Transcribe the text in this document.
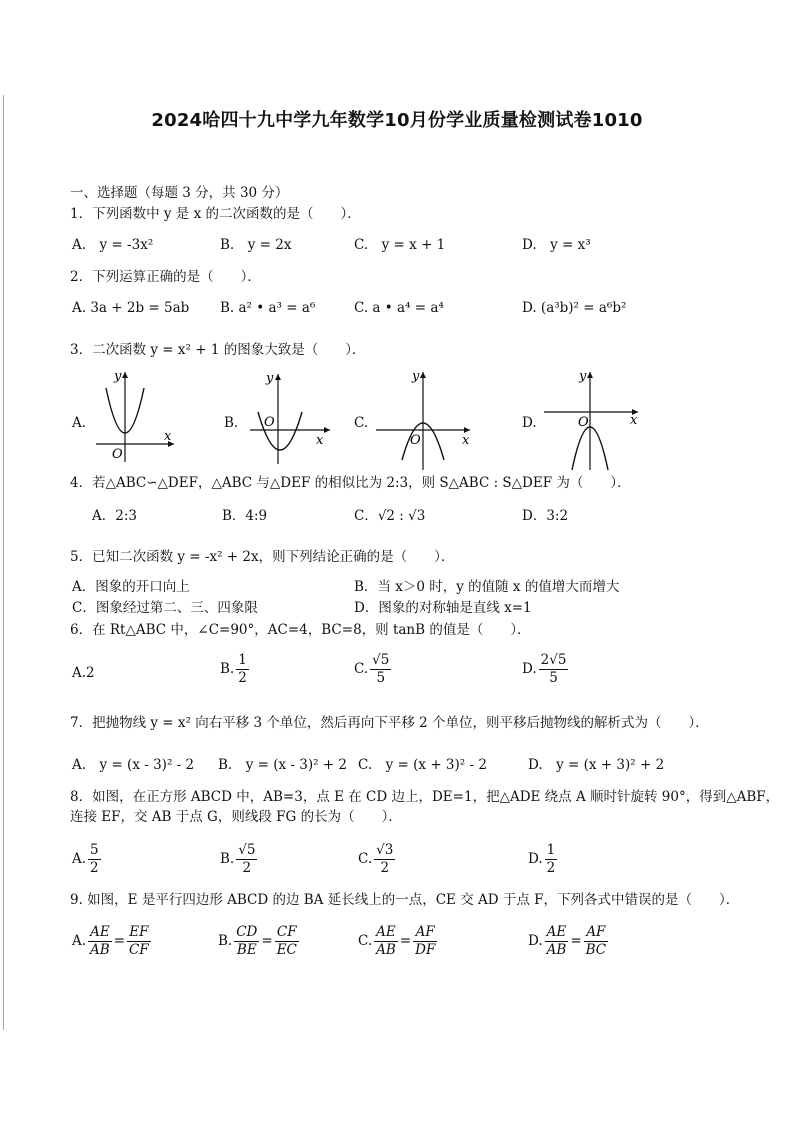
2024哈四十九中学九年数学10月份学业质量检测试卷1010
一、选择题（每题 3 分，共 30 分）
1．下列函数中 y 是 x 的二次函数的是（　　）．
A.　y = -3x²	B.　y = 2x	C.　y = x + 1	D.　y = x³
2．下列运算正确的是（　　）．
A. 3a + 2b = 5ab B. a² • a³ = a⁶	C. a • a⁴ = a⁴	D. (a³b)² = a⁶b²
3．二次函数 y = x² + 1 的图象大致是（　　）．
A.	B.	C.	D.
y
x
O
y
x
O
y
x
O
y
x
O
4．若△ABC∽△DEF，△ABC 与△DEF 的相似比为 2:3，则 S△ABC : S△DEF 为（　　）．
A．2:3	B．4:9	C．√2 : √3	D．3:2
5．已知二次函数 y = -x² + 2x，则下列结论正确的是（　　）．
A．图象的开口向上	B．当 x＞0 时，y 的值随 x 的值增大而增大
C．图象经过第二、三、四象限	D．图象的对称轴是直线 x=1
6．在 Rt△ABC 中，∠C=90°，AC=4，BC=8，则 tanB 的值是（　　）．
A.2	B. $\frac{1}{2}$	C. $\frac{√5}{5}$	D. $\frac{2√5}{5}$
7．把抛物线 y = x² 向右平移 3 个单位，然后再向下平移 2 个单位，则平移后抛物线的解析式为（　　）．
A.　y = (x - 3)² - 2 B.　y = (x - 3)² + 2 C.　y = (x + 3)² - 2	D.　y = (x + 3)² + 2
8．如图，在正方形 ABCD 中，AB=3，点 E 在 CD 边上，DE=1，把△ADE 绕点 A 顺时针旋转 90°，得到△ABF，
连接 EF，交 AB 于点 G，则线段 FG 的长为（　　）．
A. $\frac{5}{2}$	B. $\frac{√5}{2}$	C. $\frac{√3}{2}$	D. $\frac{1}{2}$
9. 如图，E 是平行四边形 ABCD 的边 BA 延长线上的一点，CE 交 AD 于点 F，下列各式中错误的是（　　）．
A. $\frac{AE}{AB} = \frac{EF}{CF}$	B. $\frac{CD}{BE} = \frac{CF}{EC}$	C. $\frac{AE}{AB} = \frac{AF}{DF}$	D. $\frac{AE}{AB} = \frac{AF}{BC}$
